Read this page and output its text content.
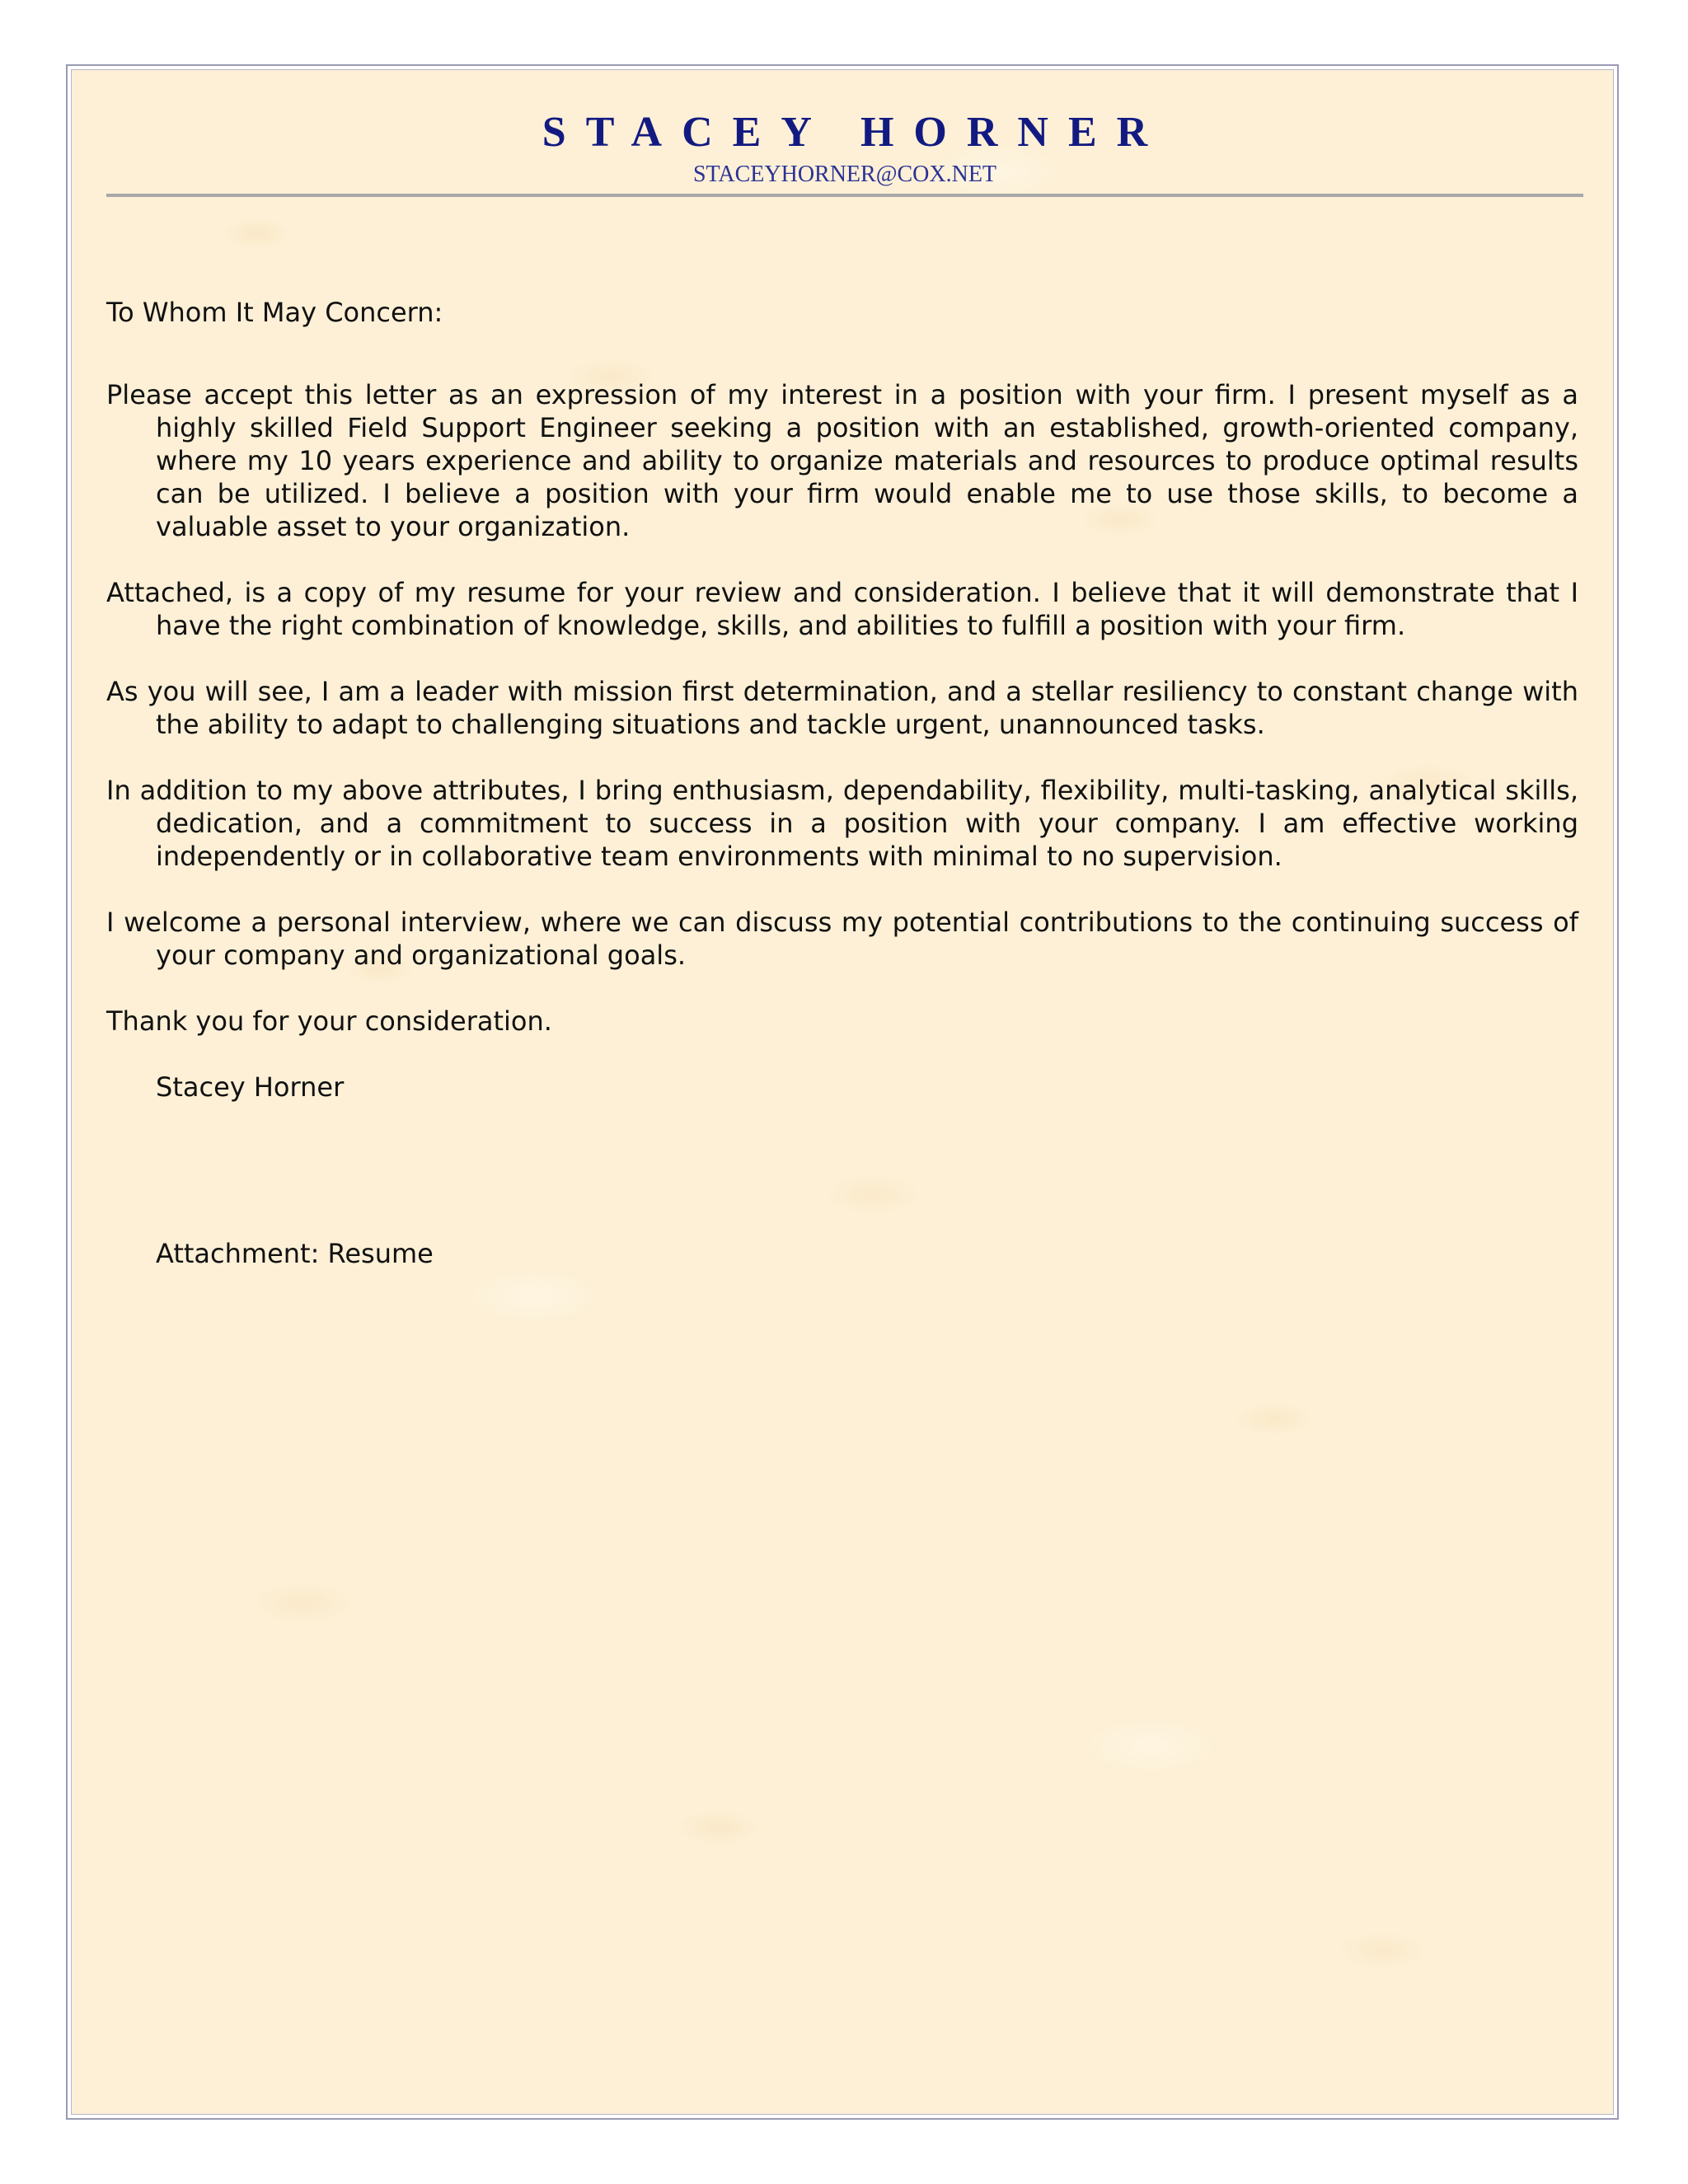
STACEY HORNER
STACEYHORNER@COX.NET

To Whom It May Concern:

Please accept this letter as an expression of my interest in a position with your firm. I present myself as a highly skilled Field Support Engineer seeking a position with an established, growth-oriented company, where my 10 years experience and ability to organize materials and resources to produce optimal results can be utilized. I believe a position with your firm would enable me to use those skills, to become a valuable asset to your organization.

Attached, is a copy of my resume for your review and consideration. I believe that it will demonstrate that I have the right combination of knowledge, skills, and abilities to fulfill a position with your firm.

As you will see, I am a leader with mission first determination, and a stellar resiliency to constant change with the ability to adapt to challenging situations and tackle urgent, unannounced tasks.

In addition to my above attributes, I bring enthusiasm, dependability, flexibility, multi-tasking, analytical skills, dedication, and a commitment to success in a position with your company. I am effective working independently or in collaborative team environments with minimal to no supervision.

I welcome a personal interview, where we can discuss my potential contributions to the continuing success of your company and organizational goals.

Thank you for your consideration.

Stacey Horner

Attachment: Resume
